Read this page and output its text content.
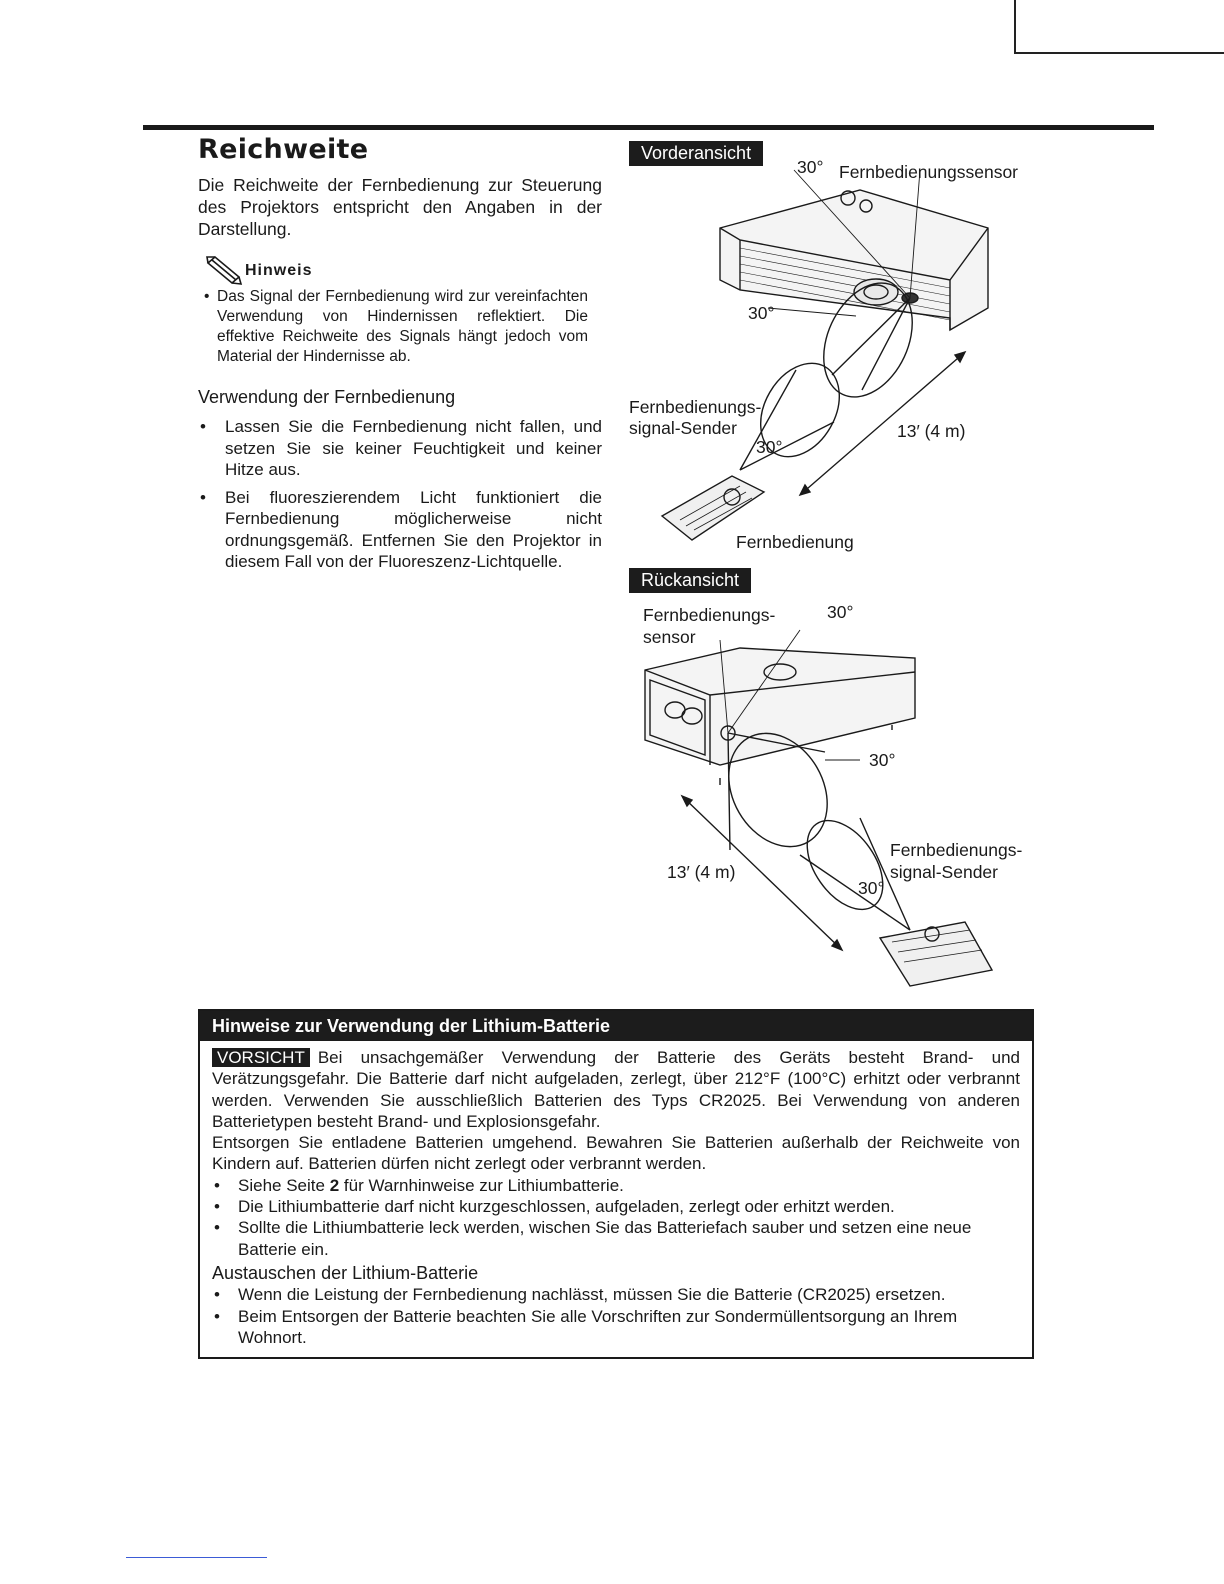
Reichweite

Die Reichweite der Fernbedienung zur Steuerung des Projektors entspricht den Angaben in der Darstellung.

Hinweis
• Das Signal der Fernbedienung wird zur vereinfachten Verwendung von Hindernissen reflektiert. Die effektive Reichweite des Signals hängt jedoch vom Material der Hindernisse ab.
Verwendung der Fernbedienung
• Lassen Sie die Fernbedienung nicht fallen, und setzen Sie sie keiner Feuchtigkeit und keiner Hitze aus.
• Bei fluoreszierendem Licht funktioniert die Fernbedienung möglicherweise nicht ordnungsgemäß. Entfernen Sie den Projektor in diesem Fall von der Fluoreszenz-Lichtquelle.
Vorderansicht
30° Fernbedienungssensor
30°
Fernbedienungs-
signal-Sender
30°
13′ (4 m)
Fernbedienung
Rückansicht
Fernbedienungs-
sensor
30°
30°
13′ (4 m)
Fernbedienungs-
signal-Sender
30°
Hinweise zur Verwendung der Lithium-Batterie

VORSICHT Bei unsachgemäßer Verwendung der Batterie des Geräts besteht Brand- und Verätzungsgefahr. Die Batterie darf nicht aufgeladen, zerlegt, über 212°F (100°C) erhitzt oder verbrannt werden. Verwenden Sie ausschließlich Batterien des Typs CR2025. Bei Verwendung von anderen Batterietypen besteht Brand- und Explosionsgefahr.

Entsorgen Sie entladene Batterien umgehend. Bewahren Sie Batterien außerhalb der Reichweite von Kindern auf. Batterien dürfen nicht zerlegt oder verbrannt werden.

• Siehe Seite 2 für Warnhinweise zur Lithiumbatterie.
• Die Lithiumbatterie darf nicht kurzgeschlossen, aufgeladen, zerlegt oder erhitzt werden.
• Sollte die Lithiumbatterie leck werden, wischen Sie das Batteriefach sauber und setzen eine neue Batterie ein.
Austauschen der Lithium-Batterie
• Wenn die Leistung der Fernbedienung nachlässt, müssen Sie die Batterie (CR2025) ersetzen.
• Beim Entsorgen der Batterie beachten Sie alle Vorschriften zur Sondermüllentsorgung an Ihrem Wohnort.
